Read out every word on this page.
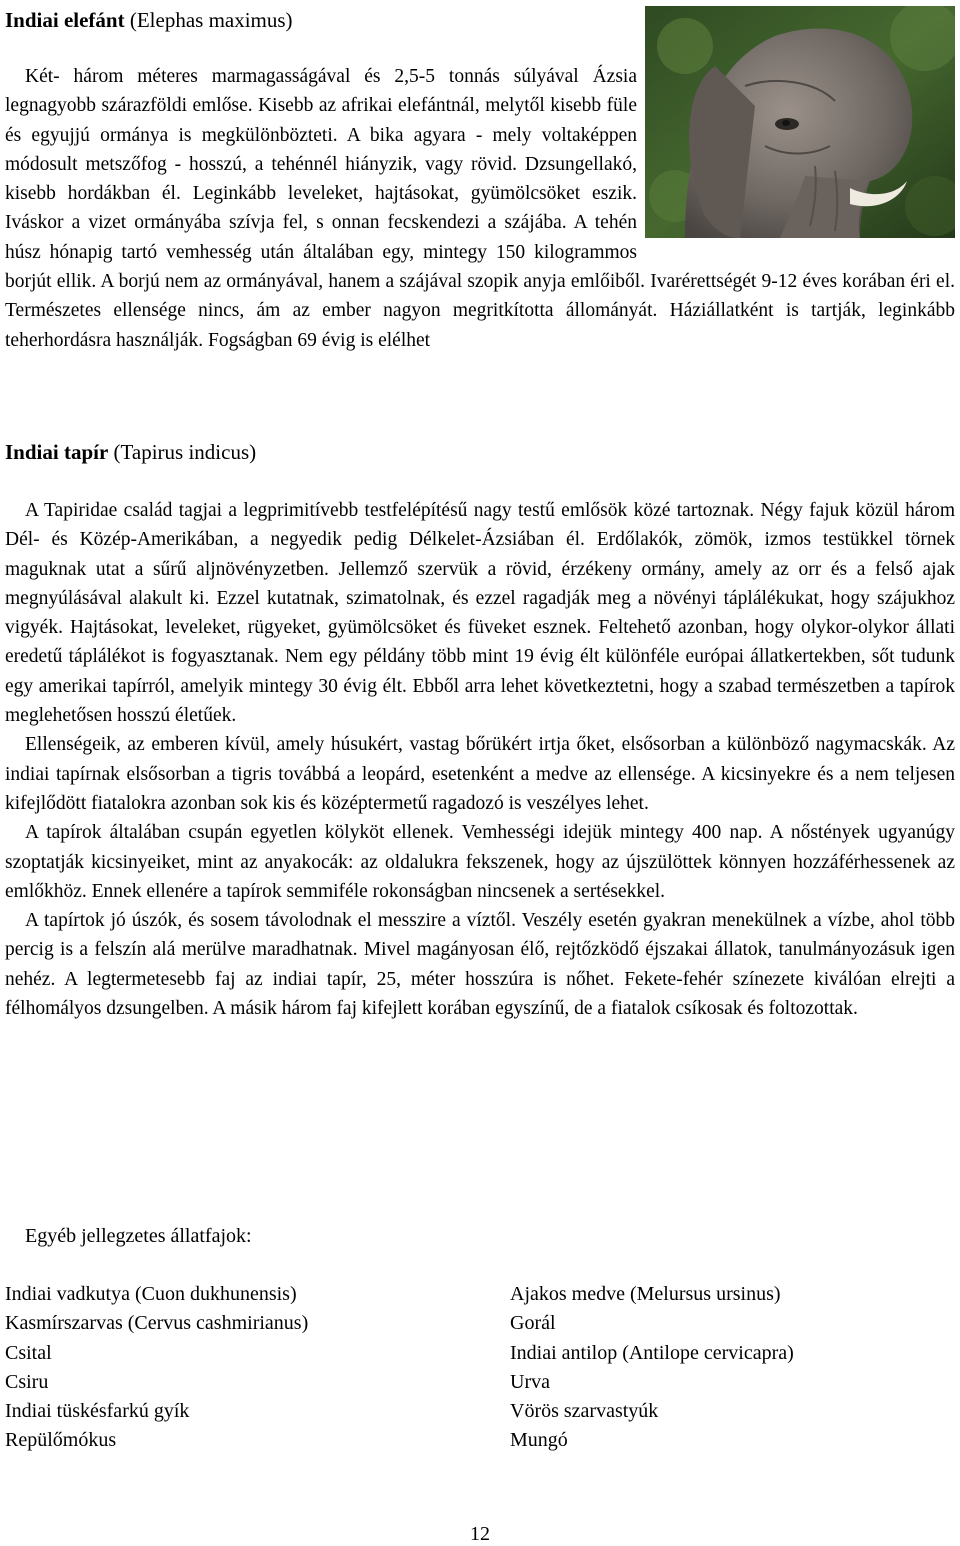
Indiai elefánt (Elephas maximus)

Két- három méteres marmagasságával és 2,5-5 tonnás súlyával Ázsia legnagyobb szárazföldi emlőse. Kisebb az afrikai elefántnál, melytől kisebb füle és egyujjú ormánya is megkülönbözteti. A bika agyara - mely voltaképpen módosult metszőfog - hosszú, a tehénnél hiányzik, vagy rövid. Dzsungellakó, kisebb hordákban él. Leginkább leveleket, hajtásokat, gyümölcsöket eszik. Iváskor a vizet ormányába szívja fel, s onnan fecskendezi a szájába. A tehén húsz hónapig tartó vemhesség után általában egy, mintegy 150 kilogrammos borjút ellik. A borjú nem az ormányával, hanem a szájával szopik anyja emlőiből. Ivarérettségét 9-12 éves korában éri el. Természetes ellensége nincs, ám az ember nagyon megritkította állományát. Háziállatként is tartják, leginkább teherhordásra használják. Fogságban 69 évig is elélhet

Indiai tapír (Tapirus indicus)

A Tapiridae család tagjai a legprimitívebb testfelépítésű nagy testű emlősök közé tartoznak. Négy fajuk közül három Dél- és Közép-Amerikában, a negyedik pedig Délkelet-Ázsiában él. Erdőlakók, zömök, izmos testükkel törnek maguknak utat a sűrű aljnövényzetben. Jellemző szervük a rövid, érzékeny ormány, amely az orr és a felső ajak megnyúlásával alakult ki. Ezzel kutatnak, szimatolnak, és ezzel ragadják meg a növényi táplálékukat, hogy szájukhoz vigyék. Hajtásokat, leveleket, rügyeket, gyümölcsöket és füveket esznek. Feltehető azonban, hogy olykor-olykor állati eredetű táplálékot is fogyasztanak. Nem egy példány több mint 19 évig élt különféle európai állatkertekben, sőt tudunk egy amerikai tapírról, amelyik mintegy 30 évig élt. Ebből arra lehet következtetni, hogy a szabad természetben a tapírok meglehetősen hosszú életűek.

Ellenségeik, az emberen kívül, amely húsukért, vastag bőrükért irtja őket, elsősorban a különböző nagymacskák. Az indiai tapírnak elsősorban a tigris továbbá a leopárd, esetenként a medve az ellensége. A kicsinyekre és a nem teljesen kifejlődött fiatalokra azonban sok kis és középtermetű ragadozó is veszélyes lehet.

A tapírok általában csupán egyetlen kölyköt ellenek. Vemhességi idejük mintegy 400 nap. A nőstények ugyanúgy szoptatják kicsinyeiket, mint az anyakocák: az oldalukra fekszenek, hogy az újszülöttek könnyen hozzáférhessenek az emlőkhöz. Ennek ellenére a tapírok semmiféle rokonságban nincsenek a sertésekkel.

A tapírtok jó úszók, és sosem távolodnak el messzire a víztől. Veszély esetén gyakran menekülnek a vízbe, ahol több percig is a felszín alá merülve maradhatnak. Mivel magányosan élő, rejtőzködő éjszakai állatok, tanulmányozásuk igen nehéz. A legtermetesebb faj az indiai tapír, 25, méter hosszúra is nőhet. Fekete-fehér színezete kiválóan elrejti a félhomályos dzsungelben. A másik három faj kifejlett korában egyszínű, de a fiatalok csíkosak és foltozottak.

Egyéb jellegzetes állatfajok:
Indiai vadkutya (Cuon dukhunensis)
Kasmírszarvas (Cervus cashmirianus)
Csital
Csiru
Indiai tüskésfarkú gyík
Repülőmókus
Ajakos medve (Melursus ursinus)
Gorál
Indiai antilop (Antilope cervicapra)
Urva
Vörös szarvastyúk
Mungó
12
